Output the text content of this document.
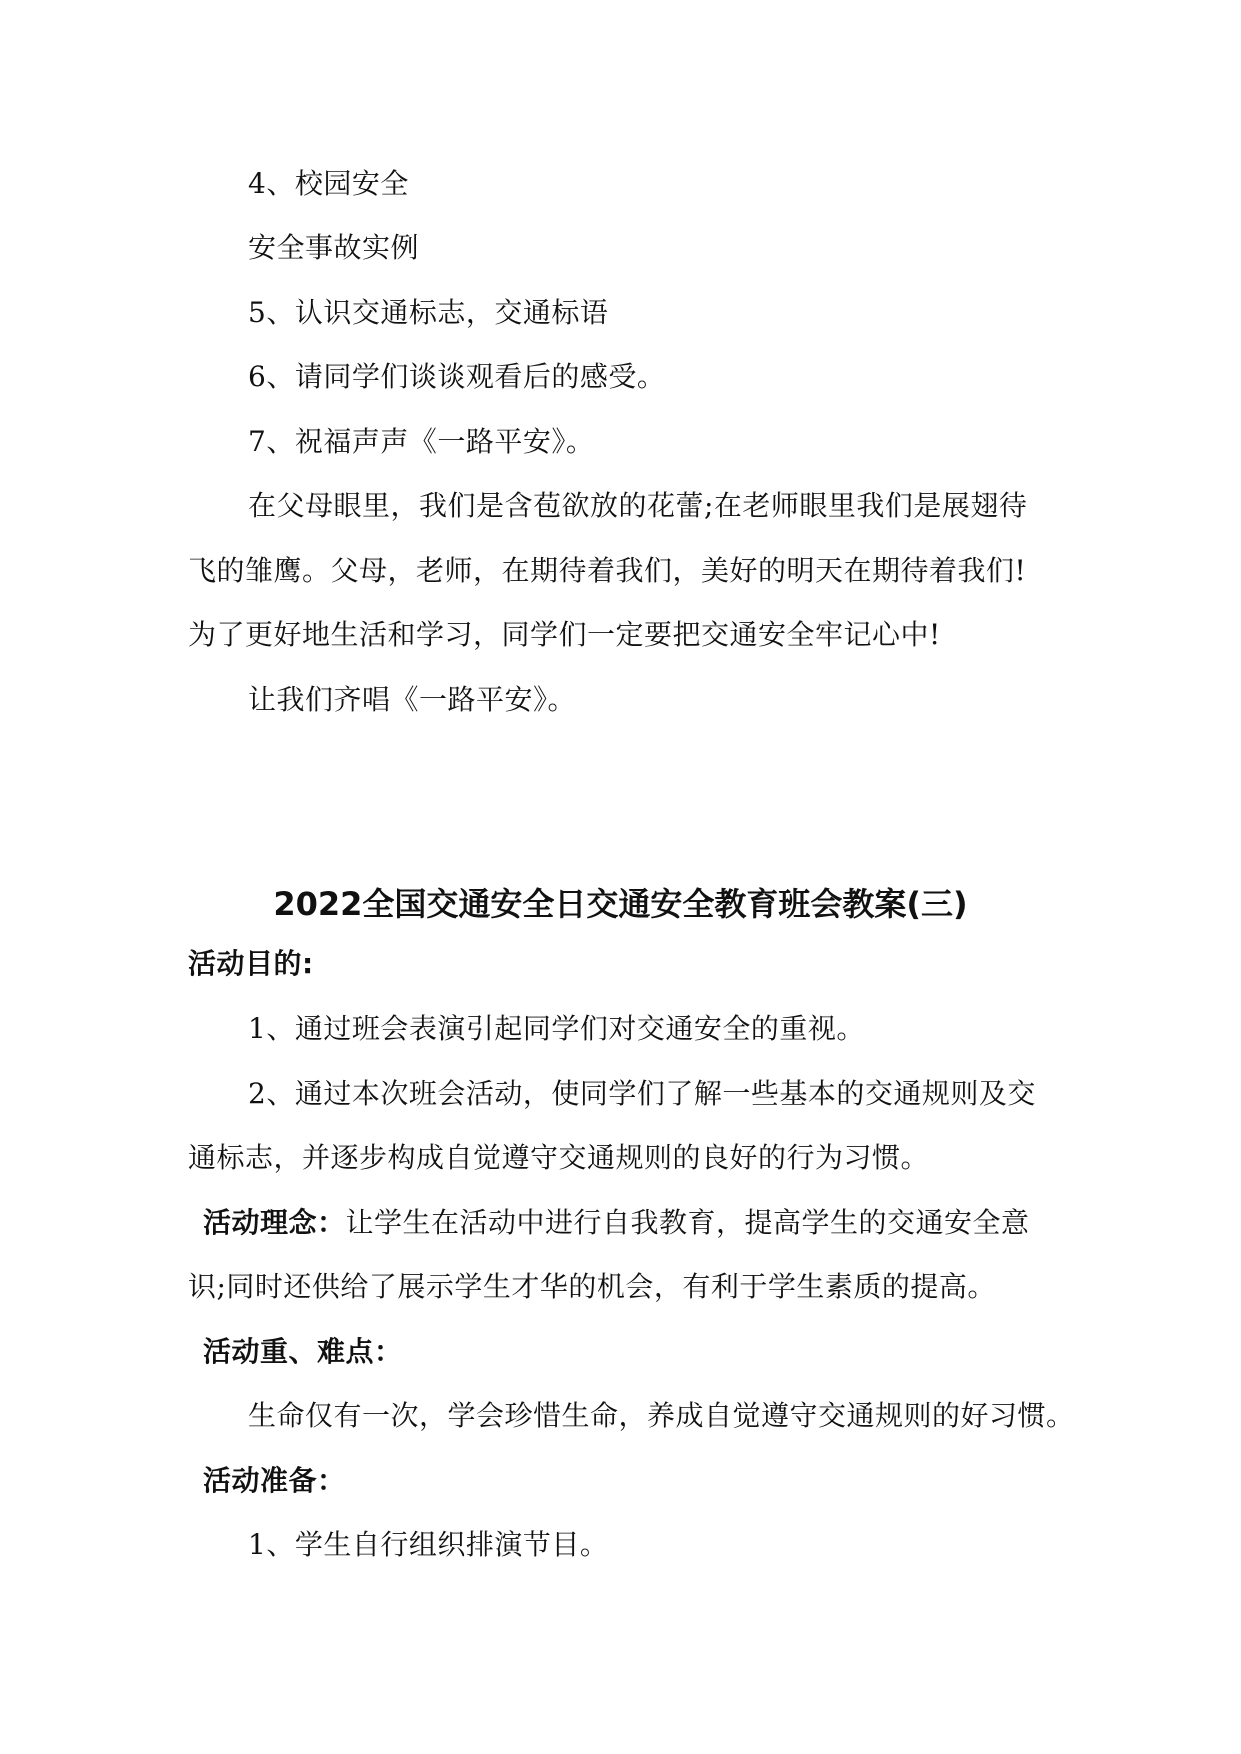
4、校园安全
安全事故实例
5、认识交通标志，交通标语
6、请同学们谈谈观看后的感受。
7、祝福声声《一路平安》。
在父母眼里，我们是含苞欲放的花蕾;在老师眼里我们是展翅待
飞的雏鹰。父母，老师，在期待着我们，美好的明天在期待着我们!
为了更好地生活和学习，同学们一定要把交通安全牢记心中!
让我们齐唱《一路平安》。
2022全国交通安全日交通安全教育班会教案(三)
活动目的:
1、通过班会表演引起同学们对交通安全的重视。
2、通过本次班会活动，使同学们了解一些基本的交通规则及交
通标志，并逐步构成自觉遵守交通规则的良好的行为习惯。
活动理念：让学生在活动中进行自我教育，提高学生的交通安全意
识;同时还供给了展示学生才华的机会，有利于学生素质的提高。
活动重、难点：
生命仅有一次，学会珍惜生命，养成自觉遵守交通规则的好习惯。
活动准备：
1、学生自行组织排演节目。
